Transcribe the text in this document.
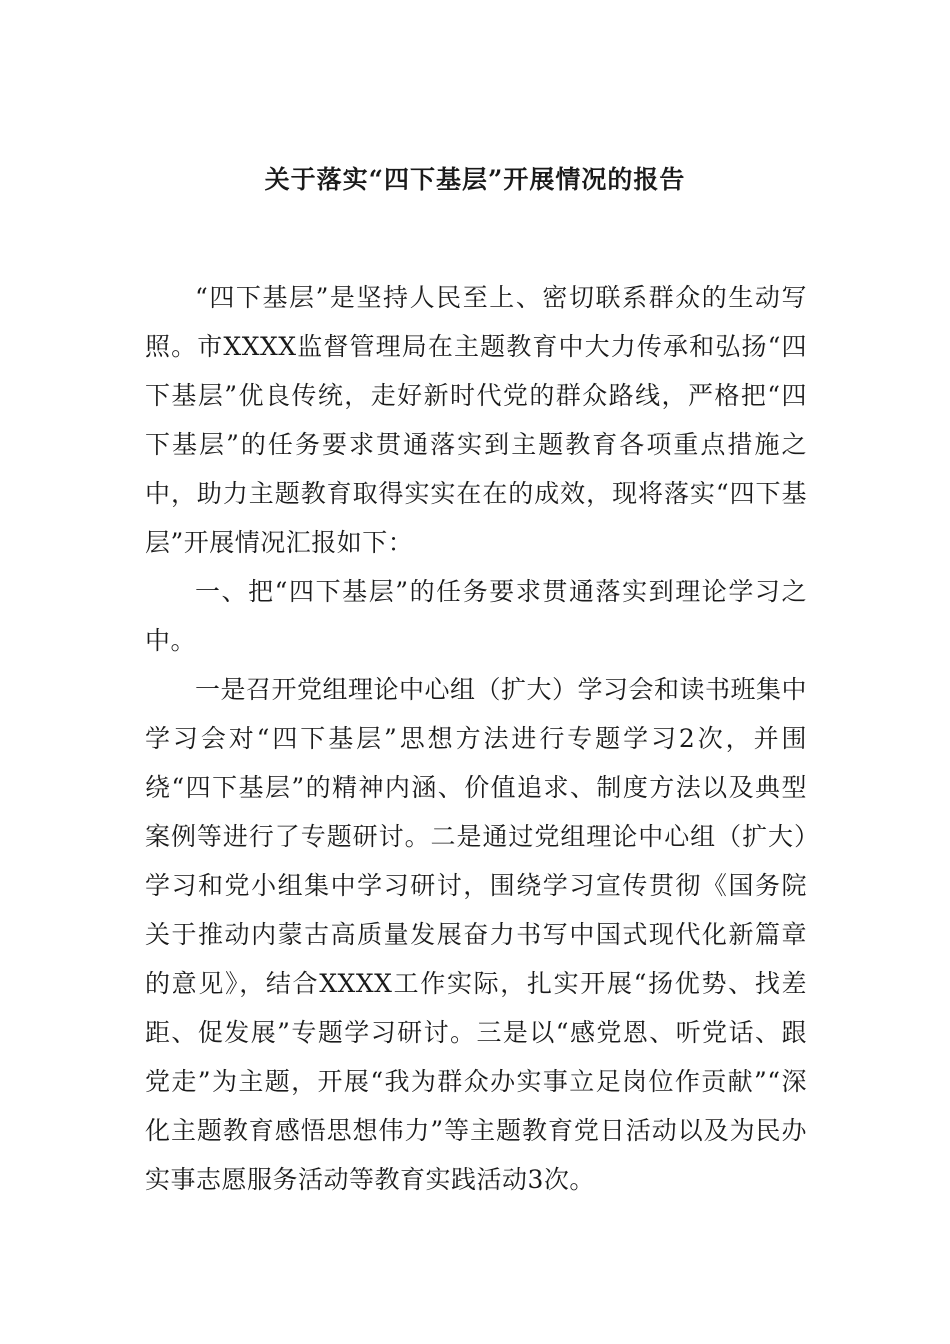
关于落实“四下基层”开展情况的报告

“四下基层”是坚持人民至上、密切联系群众的生动写照。市XXXX监督管理局在主题教育中大力传承和弘扬“四下基层”优良传统，走好新时代党的群众路线，严格把“四下基层”的任务要求贯通落实到主题教育各项重点措施之中，助力主题教育取得实实在在的成效，现将落实“四下基层”开展情况汇报如下：

一、把“四下基层”的任务要求贯通落实到理论学习之中。

一是召开党组理论中心组（扩大）学习会和读书班集中学习会对“四下基层”思想方法进行专题学习2次，并围绕“四下基层”的精神内涵、价值追求、制度方法以及典型案例等进行了专题研讨。二是通过党组理论中心组（扩大）学习和党小组集中学习研讨，围绕学习宣传贯彻《国务院关于推动内蒙古高质量发展奋力书写中国式现代化新篇章的意见》，结合XXXX工作实际，扎实开展“扬优势、找差距、促发展”专题学习研讨。三是以“感党恩、听党话、跟党走”为主题，开展“我为群众办实事立足岗位作贡献”“深化主题教育感悟思想伟力”等主题教育党日活动以及为民办实事志愿服务活动等教育实践活动3次。
